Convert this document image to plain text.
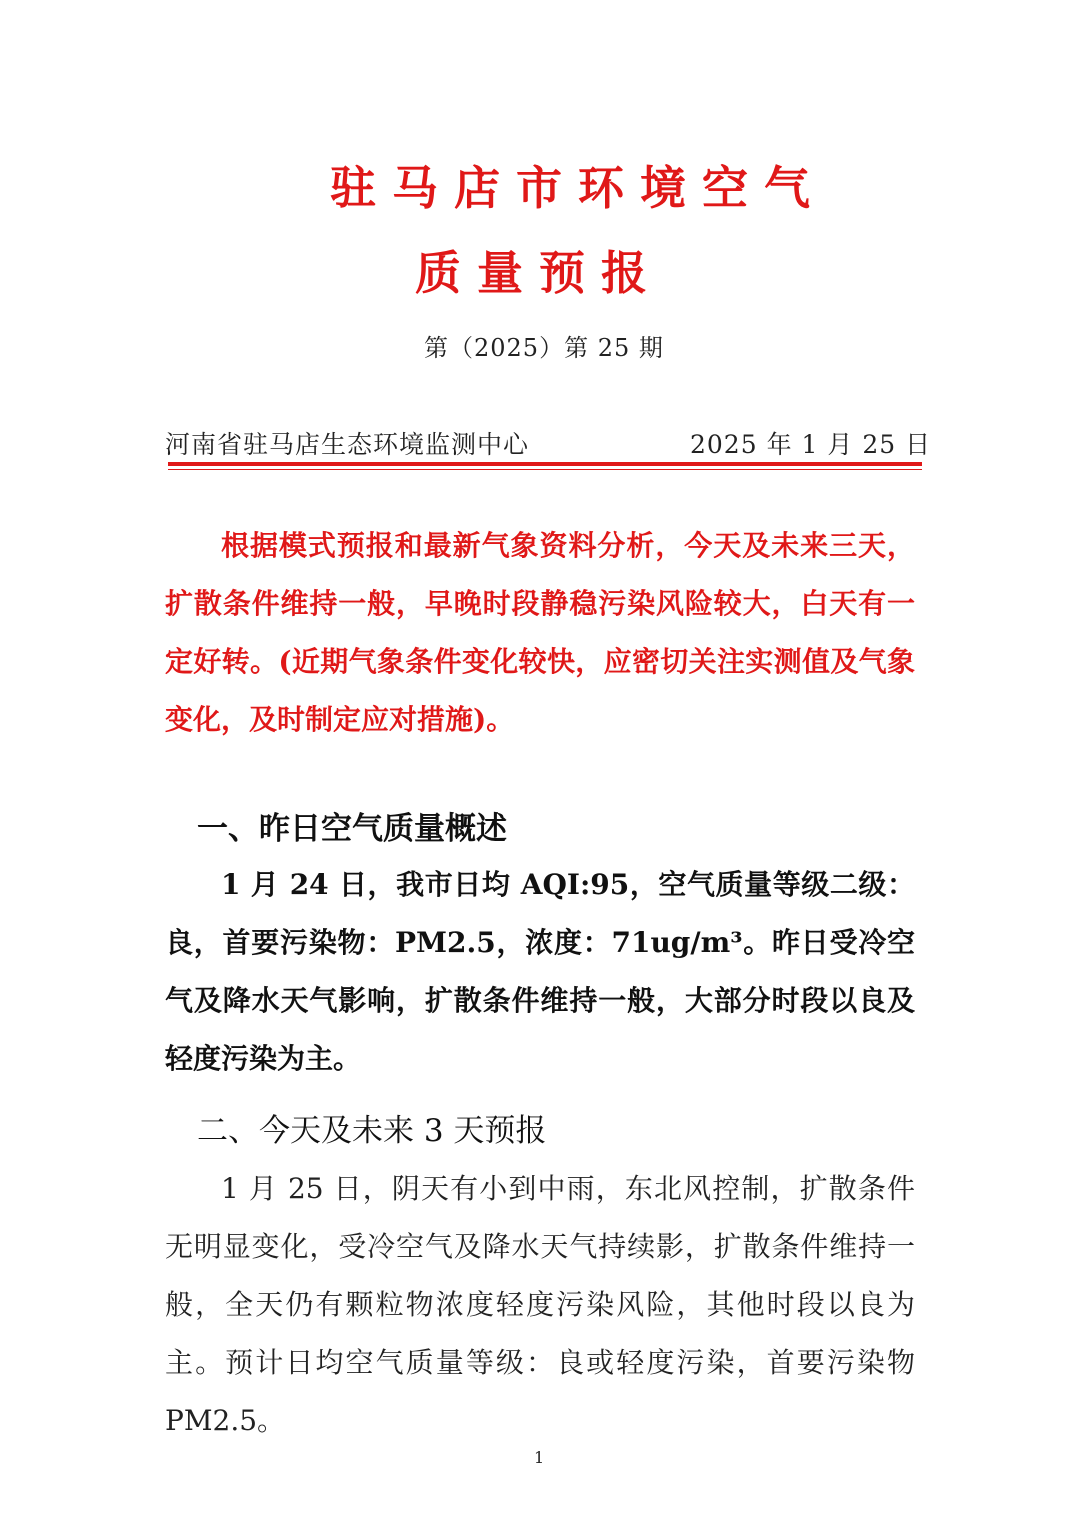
驻马店市环境空气
质量预报
第（2025）第 25 期
河南省驻马店生态环境监测中心	2025 年 1 月 25 日

根据模式预报和最新气象资料分析，今天及未来三天，扩散条件维持一般，早晚时段静稳污染风险较大，白天有一定好转。(近期气象条件变化较快，应密切关注实测值及气象变化，及时制定应对措施)。

一、昨日空气质量概述

1 月 24 日，我市日均 AQI:95，空气质量等级二级：良，首要污染物：PM2.5，浓度：71ug/m³。昨日受冷空气及降水天气影响，扩散条件维持一般，大部分时段以良及轻度污染为主。

二、今天及未来 3 天预报

1 月 25 日，阴天有小到中雨，东北风控制，扩散条件无明显变化，受冷空气及降水天气持续影，扩散条件维持一般，全天仍有颗粒物浓度轻度污染风险，其他时段以良为主。预计日均空气质量等级：良或轻度污染，首要污染物 PM2.5。

1
